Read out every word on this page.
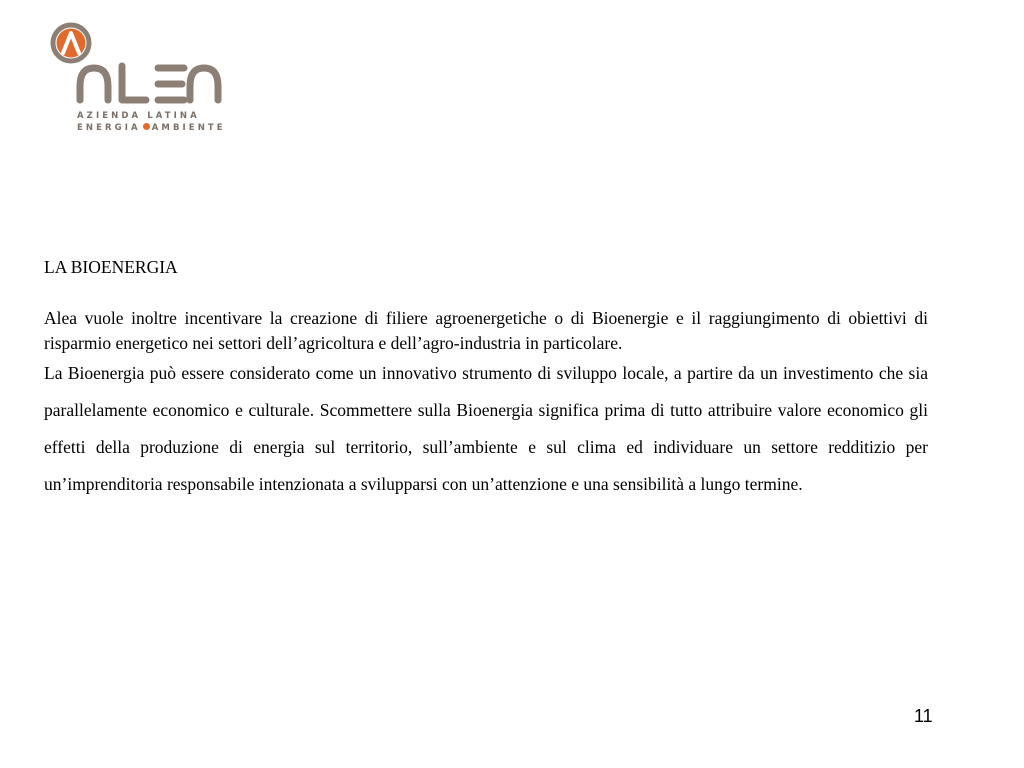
AZIENDA LATINA
ENERGIA AMBIENTE

LA BIOENERGIA

Alea vuole inoltre incentivare la creazione di filiere agroenergetiche o di Bioenergie e il raggiungimento di obiettivi di risparmio energetico nei settori dell’agricoltura e dell’agro-industria in particolare.

La Bioenergia può essere considerato come un innovativo strumento di sviluppo locale, a partire da un investimento che sia parallelamente economico e culturale. Scommettere sulla Bioenergia significa prima di tutto attribuire valore economico gli effetti della produzione di energia sul territorio, sull’ambiente e sul clima ed individuare un settore redditizio per un’imprenditoria responsabile intenzionata a svilupparsi con un’attenzione e una sensibilità a lungo termine.

11
